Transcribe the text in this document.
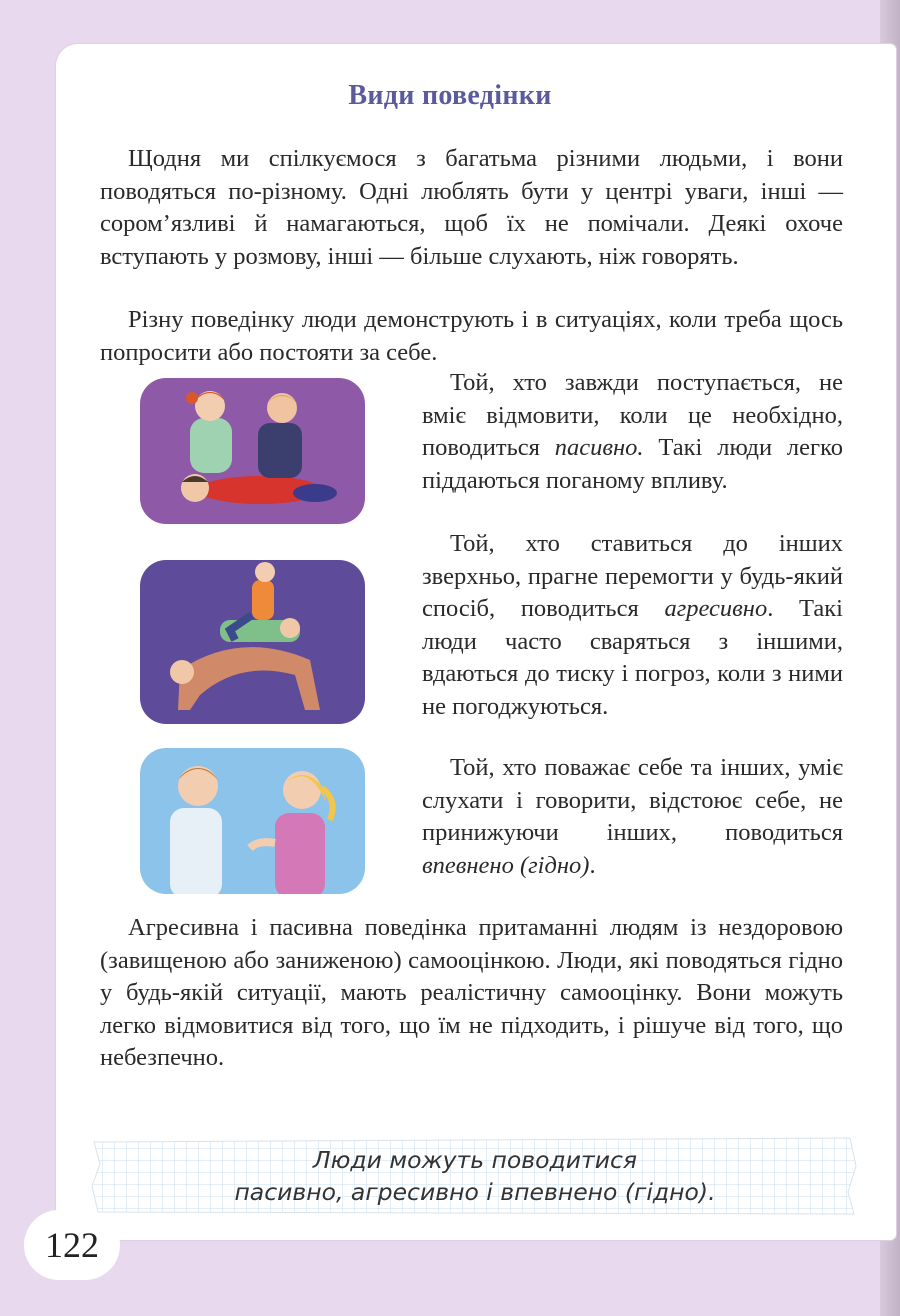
Види поведінки

Щодня ми спілкуємося з багатьма різними людьми, і вони поводяться по-різному. Одні люблять бути у центрі уваги, інші — сором’язливі й намагаються, щоб їх не помічали. Деякі охоче вступають у розмову, інші — більше слухають, ніж говорять.

Різну поведінку люди демонструють і в ситуаціях, коли треба щось попросити або постояти за себе.

Той, хто завжди поступається, не вміє відмовити, коли це необхідно, поводиться пасивно. Такі люди легко піддаються поганому впливу.

Той, хто ставиться до інших зверхньо, прагне перемогти у будь-який спосіб, поводиться агресивно. Такі люди часто сваряться з іншими, вдаються до тиску і погроз, коли з ними не погоджуються.

Той, хто поважає себе та інших, уміє слухати і говорити, відстоює себе, не принижуючи інших, поводиться впевнено (гідно).

Агресивна і пасивна поведінка притаманні людям із нездоровою (завищеною або заниженою) самооцінкою. Люди, які поводяться гідно у будь-якій ситуації, мають реалістичну самооцінку. Вони можуть легко відмовитися від того, що їм не підходить, і рішуче від того, що небезпечно.

Люди можуть поводитися
пасивно, агресивно і впевнено (гідно).
122
